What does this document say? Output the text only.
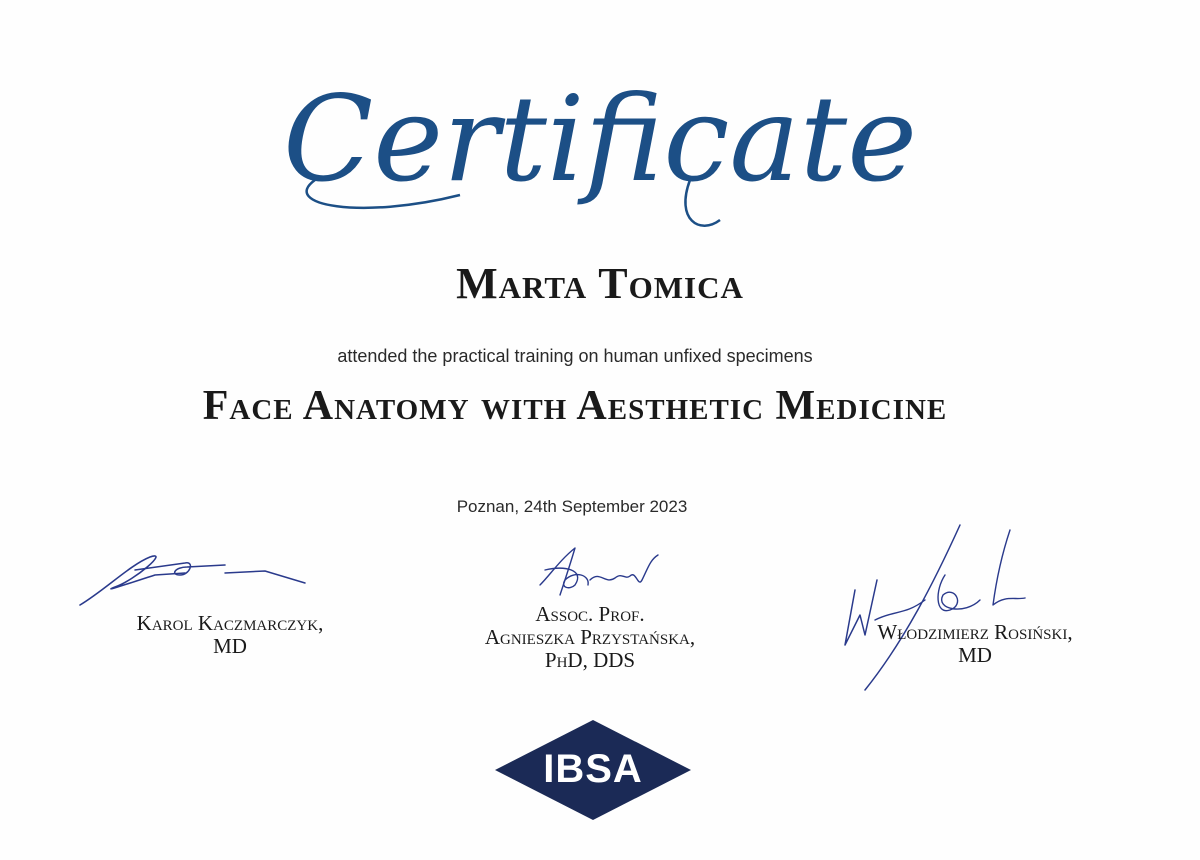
Certificate
Marta Tomica
attended the practical training on human unfixed specimens
Face Anatomy with Aesthetic Medicine
Poznan, 24th September 2023
Karol Kaczmarczyk,
MD
Assoc. Prof.
Agnieszka Przystańska,
PhD, DDS
Włodzimierz Rosiński,
MD
IBSA
